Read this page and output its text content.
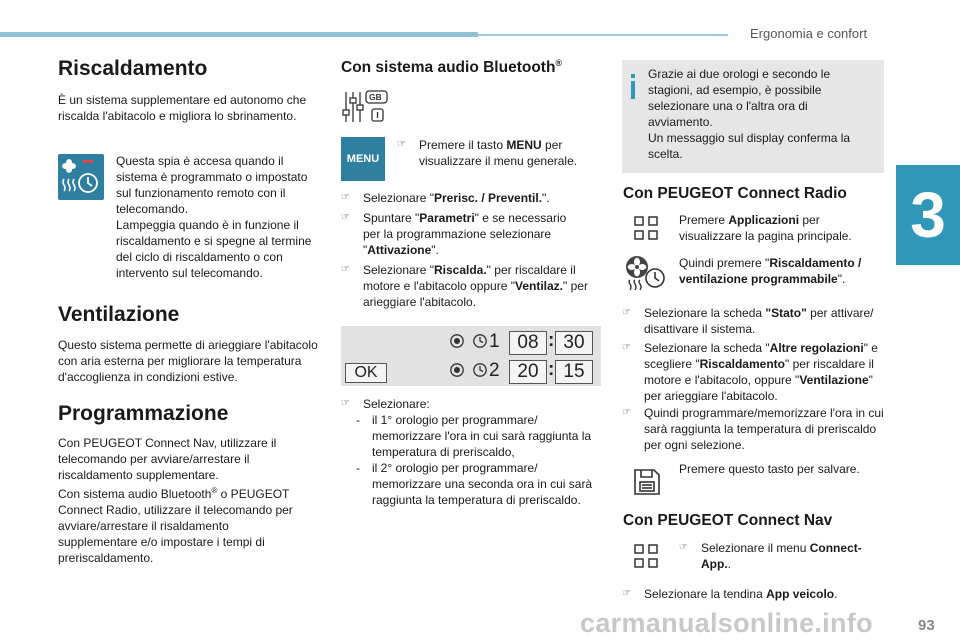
Ergonomia e confort
3
Riscaldamento

È un sistema supplementare ed autonomo che riscalda l'abitacolo e migliora lo sbrinamento.

Questa spia è accesa quando il sistema è programmato o impostato sul funzionamento remoto con il telecomando.

Lampeggia quando è in funzione il riscaldamento e si spegne al termine del ciclo di riscaldamento o con intervento sul telecomando.

Ventilazione

Questo sistema permette di arieggiare l'abitacolo con aria esterna per migliorare la temperatura d'accoglienza in condizioni estive.

Programmazione

Con PEUGEOT Connect Nav, utilizzare il telecomando per avviare/arrestare il riscaldamento supplementare.

Con sistema audio Bluetooth® o PEUGEOT Connect Radio, utilizzare il telecomando per avviare/arrestare il risaldamento supplementare e/o impostare i tempi di preriscaldamento.

Con sistema audio Bluetooth®
GB
MENU
☞	Premere il tasto MENU per visualizzare il menu generale.
☞	Selezionare "Prerisc. / Preventil.".
☞	Spuntare "Parametri" e se necessario per la programmazione selezionare "Attivazione".
☞	Selezionare "Riscalda." per riscaldare il motore e l'abitacolo oppure "Ventilaz." per arieggiare l'abitacolo.
1 08 : 30
OK	2 20 : 15
☞	Selezionare:
-	il 1° orologio per programmare/ memorizzare l'ora in cui sarà raggiunta la temperatura di preriscaldo,
-	il 2° orologio per programmare/ memorizzare una seconda ora in cui sarà raggiunta la temperatura di preriscaldo.

Grazie ai due orologi e secondo le stagioni, ad esempio, è possibile selezionare una o l'altra ora di avviamento.

Un messaggio sul display conferma la scelta.

Con PEUGEOT Connect Radio

Premere Applicazioni per visualizzare la pagina principale.

Quindi premere "Riscaldamento / ventilazione programmabile".

☞	Selezionare la scheda "Stato" per attivare/ disattivare il sistema.
☞	Selezionare la scheda "Altre regolazioni" e scegliere "Riscaldamento" per riscaldare il motore e l'abitacolo, oppure "Ventilazione" per arieggiare l'abitacolo.
☞	Quindi programmare/memorizzare l'ora in cui sarà raggiunta la temperatura di preriscaldo per ogni selezione.

Premere questo tasto per salvare.

Con PEUGEOT Connect Nav
☞	Selezionare il menu Connect-App..
☞	Selezionare la tendina App veicolo.
carmanualsonline.info	93
